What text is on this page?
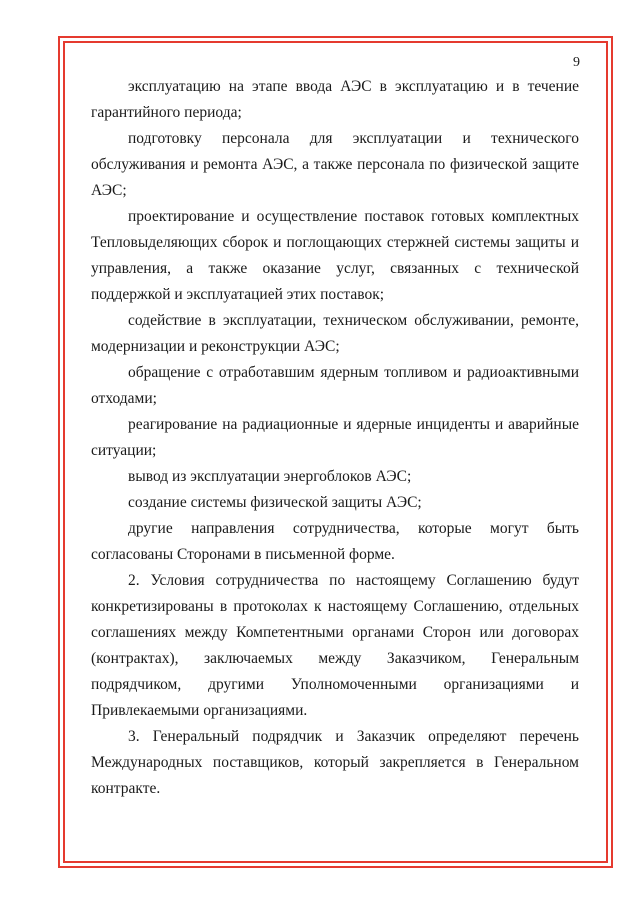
9

эксплуатацию на этапе ввода АЭС в эксплуатацию и в течение гарантийного периода;

подготовку персонала для эксплуатации и технического обслуживания и ремонта АЭС, а также персонала по физической защите АЭС;

проектирование и осуществление поставок готовых комплектных Тепловыделяющих сборок и поглощающих стержней системы защиты и управления, а также оказание услуг, связанных с технической поддержкой и эксплуатацией этих поставок;

содействие в эксплуатации, техническом обслуживании, ремонте, модернизации и реконструкции АЭС;

обращение с отработавшим ядерным топливом и радиоактивными отходами;

реагирование на радиационные и ядерные инциденты и аварийные ситуации;

вывод из эксплуатации энергоблоков АЭС;

создание системы физической защиты АЭС;

другие направления сотрудничества, которые могут быть согласованы Сторонами в письменной форме.

2. Условия сотрудничества по настоящему Соглашению будут конкретизированы в протоколах к настоящему Соглашению, отдельных соглашениях между Компетентными органами Сторон или договорах (контрактах), заключаемых между Заказчиком, Генеральным подрядчиком, другими Уполномоченными организациями и Привлекаемыми организациями.

3. Генеральный подрядчик и Заказчик определяют перечень Международных поставщиков, который закрепляется в Генеральном контракте.
